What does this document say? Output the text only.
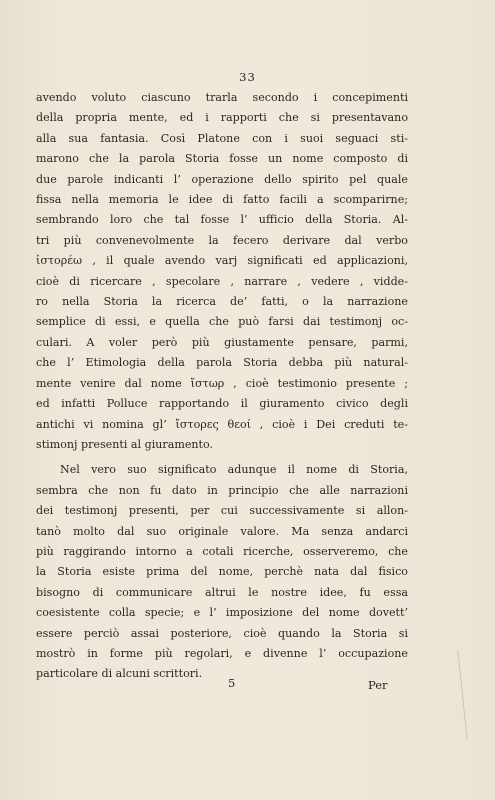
33
avendo voluto ciascuno trarla secondo i concepimenti
della propria mente, ed i rapporti che si presentavano
alla sua fantasia. Così Platone con i suoi seguaci sti-
marono che la parola Storia fosse un nome composto di
due parole indicanti l’ operazione dello spirito pel quale
fissa nella memoria le idee di fatto facili a scomparirne;
sembrando loro che tal fosse l’ ufficio della Storia. Al-
tri più convenevolmente la fecero derivare dal verbo
ἱστορέω , il quale avendo varj significati ed applicazioni,
cioè di ricercare , specolare , narrare , vedere , vidde-
ro nella Storia la ricerca de’ fatti, o la narrazione
semplice di essi, e quella che può farsi dai testimonj oc-
culari. A voler però più giustamente pensare, parmi,
che l’ Etimologia della parola Storia debba più natural-
mente venire dal nome ἴστωρ , cioè testimonio presente ;
ed infatti Polluce rapportando il giuramento civico degli
antichi vi nomina gl’ ἴστορες θεοί , cioè i Dei creduti te-
stimonj presenti al giuramento.
Nel vero suo significato adunque il nome di Storia,
sembra che non fu dato in principio che alle narrazioni
dei testimonj presenti, per cui successivamente si allon-
tanò molto dal suo originale valore. Ma senza andarci
più raggirando intorno a cotali ricerche, osserveremo, che
la Storia esiste prima del nome, perchè nata dal fisico
bisogno di communicare altrui le nostre idee, fu essa
coesistente colla specie; e l’ imposizione del nome dovett’
essere perciò assai posteriore, cioè quando la Storia si
mostrò in forme più regolari, e divenne l’ occupazione
particolare di alcuni scrittori.
5	Per
